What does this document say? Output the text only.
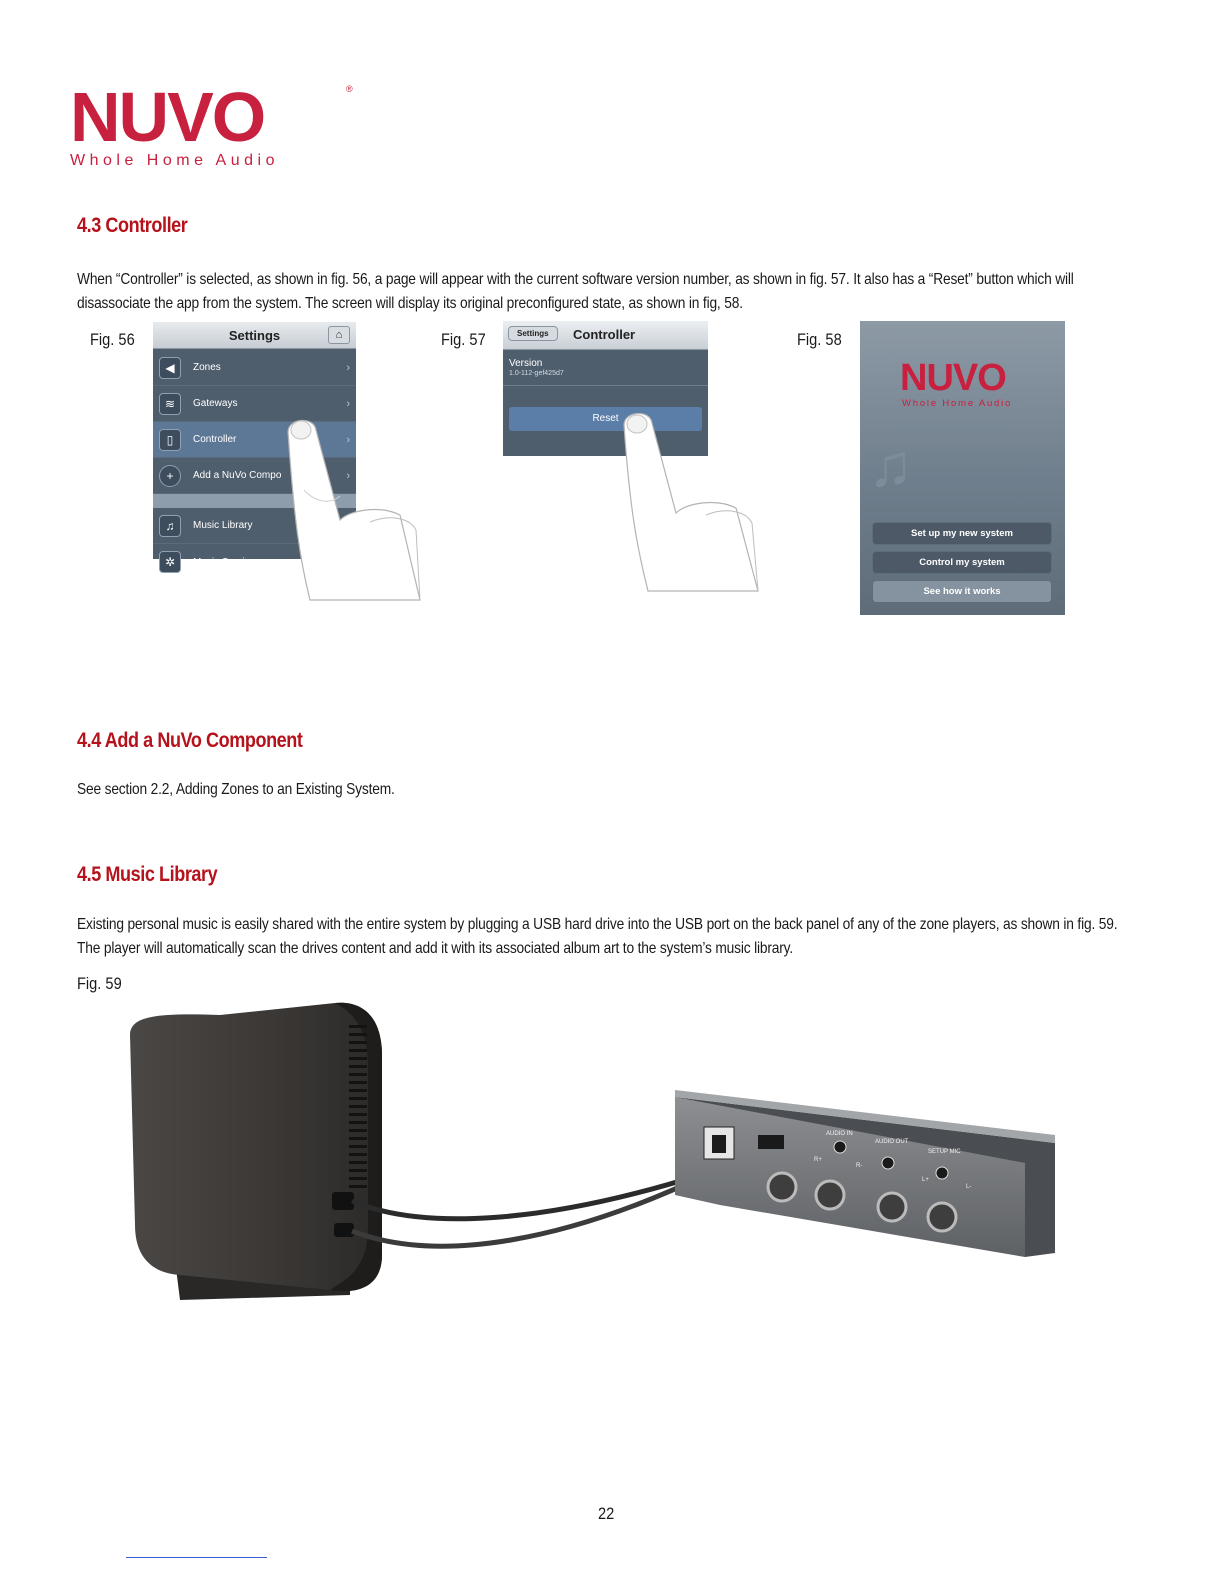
NUVO	®
Whole Home Audio
4.3 Controller
When “Controller” is selected, as shown in fig. 56, a page will appear with the current software version number, as shown in fig. 57. It also has a “Reset” button which will
disassociate the app from the system. The screen will display its original preconfigured state, as shown in fig, 58.
Fig. 56	Settings	⌂
◀	Zones	›
≋	Gateways	›
▯	Controller	›
+	Add a NuVo Compo	›
♫	Music Library
✲	Music Services
Fig. 57	Settings	Controller
Version
1.0-112-gef425d7
Reset
Fig. 58
NUVO
Whole Home Audio
♫
Set up my new system
Control my system
See how it works
4.4 Add a NuVo Component
See section 2.2, Adding Zones to an Existing System.
4.5 Music Library
Existing personal music is easily shared with the entire system by plugging a USB hard drive into the USB port on the back panel of any of the zone players, as shown in fig. 59.
The player will automatically scan the drives content and add it with its associated album art to the system’s music library.
Fig. 59
AUDIO IN
AUDIO OUT
SETUP MIC
R+
R-
L+
L-
22
